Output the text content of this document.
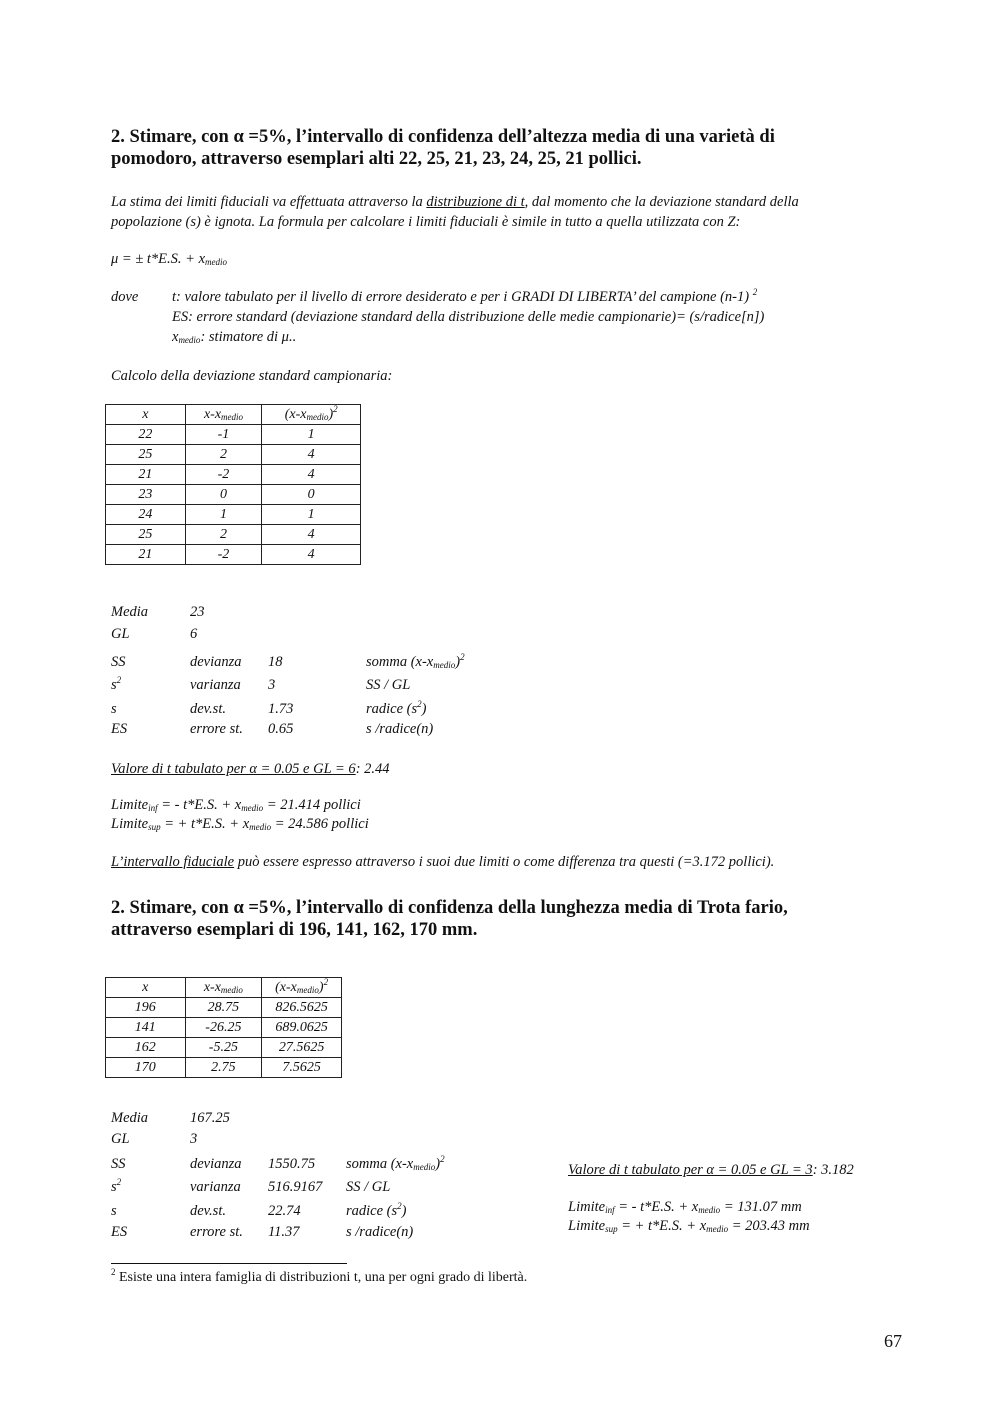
2. Stimare, con α =5%, l’intervallo di confidenza dell’altezza media di una varietà di
pomodoro, attraverso esemplari alti 22, 25, 21, 23, 24, 25, 21 pollici.
La stima dei limiti fiduciali va effettuata attraverso la distribuzione di t, dal momento che la deviazione standard della
popolazione (s) è ignota. La formula per calcolare i limiti fiduciali è simile in tutto a quella utilizzata con Z:
μ = ± t*E.S. + $x_{medio}$
dove t: valore tabulato per il livello di errore desiderato e per i GRADI DI LIBERTA’ del campione (n-1) $^2$
ES: errore standard (deviazione standard della distribuzione delle medie campionarie)= (s/radice[n])
$x_{medio}$: stimatore di μ..
Calcolo della deviazione standard campionaria:
x	$x-x_{medio}$	$(x-x_{medio})^2$
22	-1	1
25	2	4
21	-2	4
23	0	0
24	1	1
25	2	4
21	-2	4
Media	23
GL	6
SS	devianza 18	somma $(x-x_{medio})^2$
$s^2$	varianza 3	SS / GL
s	dev.st.	1.73	radice $(s^2)$
ES	errore st. 0.65	s /radice(n)
Valore di t tabulato per α = 0.05 e GL = 6: 2.44
Limite$_{inf}$ = - t*E.S. + $x_{medio} = 21.414$ pollici
Limite$_{sup}$ = + t*E.S. + $x_{medio} = 24.586$ pollici
L’intervallo fiduciale può essere espresso attraverso i suoi due limiti o come differenza tra questi (=3.172 pollici).
2. Stimare, con α =5%, l’intervallo di confidenza della lunghezza media di Trota fario,
attraverso esemplari di 196, 141, 162, 170 mm.
x	$x-x_{medio}$	$(x-x_{medio})^2$
196	28.75	826.5625
141	-26.25	689.0625
162	-5.25	27.5625
170	2.75	7.5625
Media	167.25
GL	3
SS	devianza 1550.75 somma $(x-x_{medio})^2$
$s^2$	varianza 516.9167 SS / GL
s	dev.st.	22.74	radice $(s^2)$
ES	errore st. 11.37	s /radice(n)
Valore di t tabulato per α = 0.05 e GL = 3: 3.182
Limite$_{inf}$ = - t*E.S. + $x_{medio} = 131.07$ mm
Limite$_{sup}$ = + t*E.S. + $x_{medio} = 203.43$ mm
$^2$ Esiste una intera famiglia di distribuzioni t, una per ogni grado di libertà.
67
